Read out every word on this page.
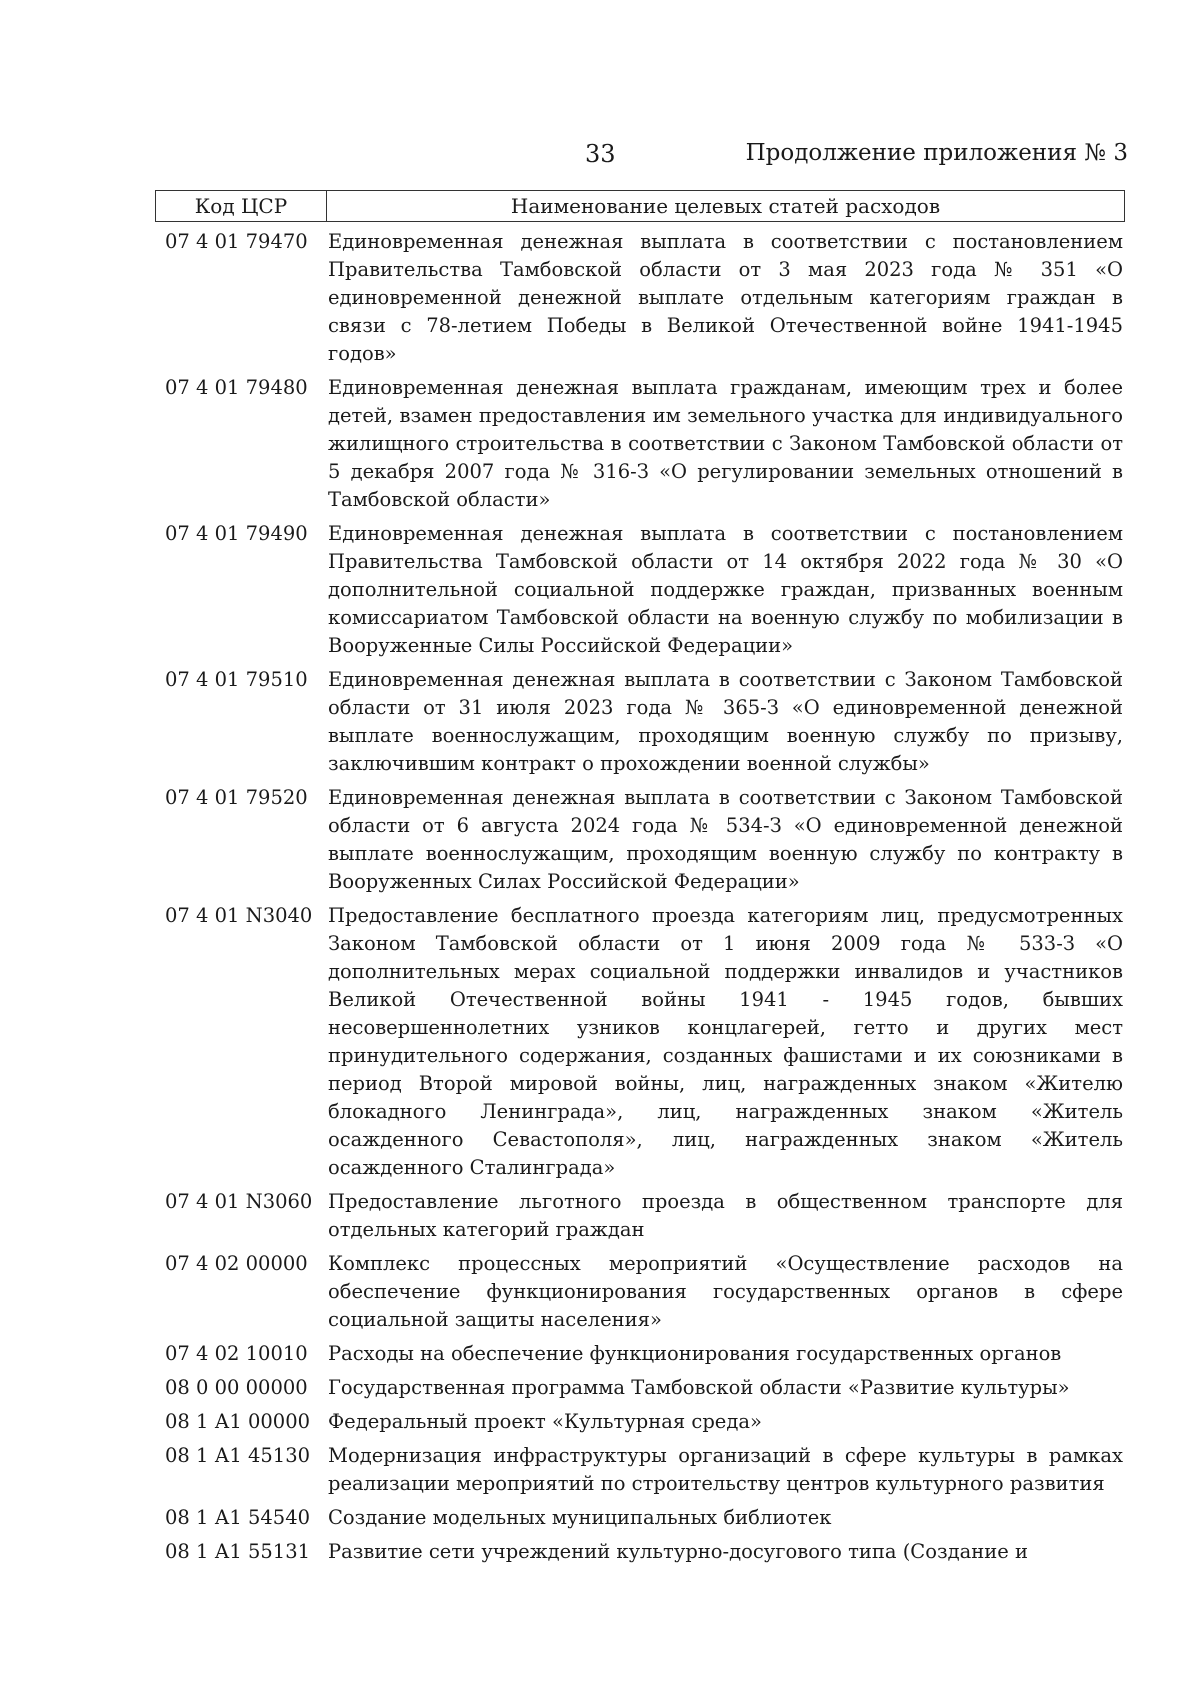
33	Продолжение приложения № 3
Код ЦСР	Наименование целевых статей расходов
07 4 01 79470	Единовременная денежная выплата в соответствии с постановлением Правительства Тамбовской области от 3 мая 2023 года № 351 «О единовременной денежной выплате отдельным категориям граждан в связи с 78-летием Победы в Великой Отечественной войне 1941-1945 годов»
07 4 01 79480	Единовременная денежная выплата гражданам, имеющим трех и более детей, взамен предоставления им земельного участка для индивидуального жилищного строительства в соответствии с Законом Тамбовской области от 5 декабря 2007 года № 316-З «О регулировании земельных отношений в Тамбовской области»
07 4 01 79490	Единовременная денежная выплата в соответствии с постановлением Правительства Тамбовской области от 14 октября 2022 года № 30 «О дополнительной социальной поддержке граждан, призванных военным комиссариатом Тамбовской области на военную службу по мобилизации в Вооруженные Силы Российской Федерации»
07 4 01 79510	Единовременная денежная выплата в соответствии с Законом Тамбовской области от 31 июля 2023 года № 365-З «О единовременной денежной выплате военнослужащим, проходящим военную службу по призыву, заключившим контракт о прохождении военной службы»
07 4 01 79520	Единовременная денежная выплата в соответствии с Законом Тамбовской области от 6 августа 2024 года № 534-З «О единовременной денежной выплате военнослужащим, проходящим военную службу по контракту в Вооруженных Силах Российской Федерации»
07 4 01 N3040 Предоставление бесплатного проезда категориям лиц, предусмотренных Законом Тамбовской области от 1 июня 2009 года № 533-З «О дополнительных мерах социальной поддержки инвалидов и участников Великой Отечественной войны 1941 - 1945 годов, бывших несовершеннолетних узников концлагерей, гетто и других мест принудительного содержания, созданных фашистами и их союзниками в период Второй мировой войны, лиц, награжденных знаком «Жителю блокадного Ленинграда», лиц, награжденных знаком «Житель осажденного Севастополя», лиц, награжденных знаком «Житель осажденного Сталинграда»
07 4 01 N3060 Предоставление льготного проезда в общественном транспорте для отдельных категорий граждан
07 4 02 00000	Комплекс процессных мероприятий «Осуществление расходов на обеспечение функционирования государственных органов в сфере социальной защиты населения»
07 4 02 10010	Расходы на обеспечение функционирования государственных органов
08 0 00 00000	Государственная программа Тамбовской области «Развитие культуры»
08 1 А1 00000 Федеральный проект «Культурная среда»
08 1 А1 45130 Модернизация инфраструктуры организаций в сфере культуры в рамках реализации мероприятий по строительству центров культурного развития
08 1 А1 54540 Создание модельных муниципальных библиотек
08 1 А1 55131 Развитие сети учреждений культурно-досугового типа (Создание и
